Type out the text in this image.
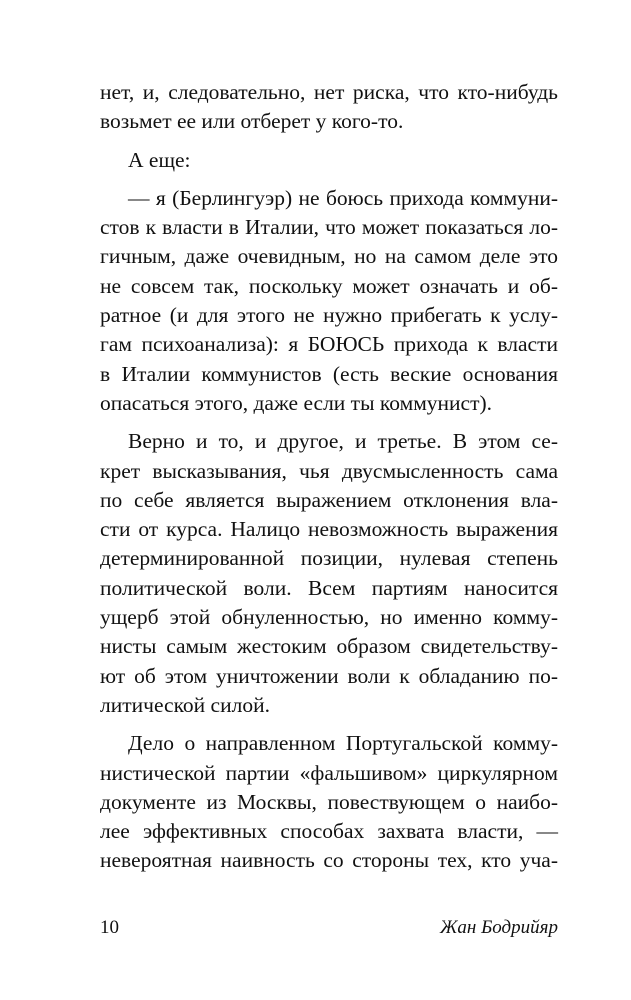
нет, и, следовательно, нет риска, что кто-нибудь
возьмет ее или отберет у кого-то.
А еще:
— я (Берлингуэр) не боюсь прихода коммуни-
стов к власти в Италии, что может показаться ло-
гичным, даже очевидным, но на самом деле это
не совсем так, поскольку может означать и об-
ратное (и для этого не нужно прибегать к услу-
гам психоанализа): я БОЮСЬ прихода к власти
в Италии коммунистов (есть веские основания
опасаться этого, даже если ты коммунист).
Верно и то, и другое, и третье. В этом се-
крет высказывания, чья двусмысленность сама
по себе является выражением отклонения вла-
сти от курса. Налицо невозможность выражения
детерминированной позиции, нулевая степень
политической воли. Всем партиям наносится
ущерб этой обнуленностью, но именно комму-
нисты самым жестоким образом свидетельству-
ют об этом уничтожении воли к обладанию по-
литической силой.
Дело о направленном Португальской комму-
нистической партии «фальшивом» циркулярном
документе из Москвы, повествующем о наибо-
лее эффективных способах захвата власти, —
невероятная наивность со стороны тех, кто уча-
10	Жан Бодрийяр
